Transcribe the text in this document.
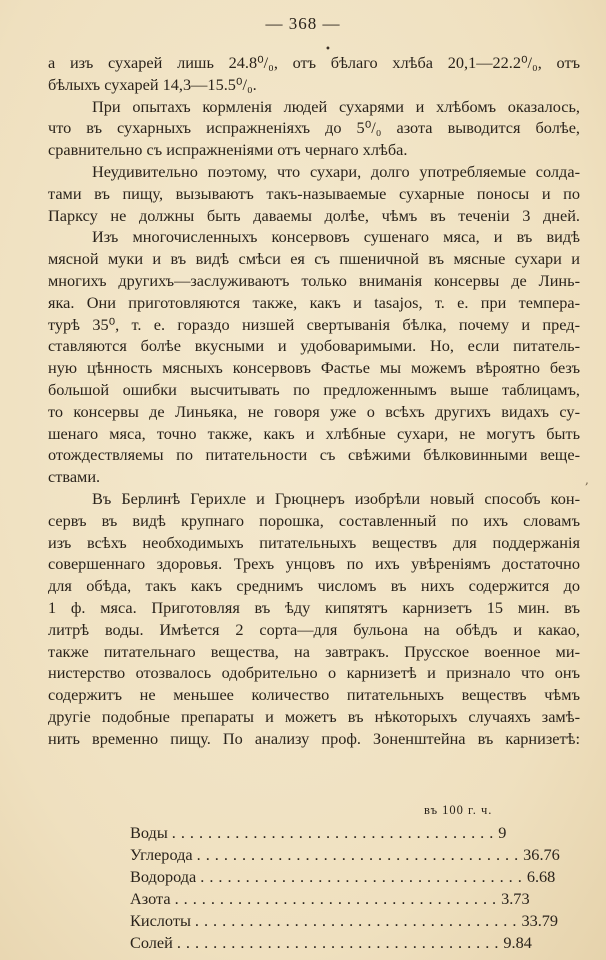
— 368 —
•
а изъ сухарей лишь 24.8⁰/₀, отъ бѣлаго хлѣба 20,1—22.2⁰/₀, отъ
бѣлыхъ сухарей 14,3—15.5⁰/₀.
При опытахъ кормленія людей сухарями и хлѣбомъ оказалось,
что въ сухарныхъ испражненіяхъ до 5⁰/₀ азота выводится болѣе,
сравнительно съ испражненіями отъ чернаго хлѣба.
Неудивительно поэтому, что сухари, долго употребляемые солда-
тами въ пищу, вызываютъ такъ-называемые сухарные поносы и по
Парксу не должны быть даваемы долѣе, чѣмъ въ теченіи 3 дней.
Изъ многочисленныхъ консервовъ сушенаго мяса, и въ видѣ
мясной муки и въ видѣ смѣси ея съ пшеничной въ мясные сухари и
многихъ другихъ—заслуживаютъ только вниманія консервы де Линь-
яка. Они приготовляются также, какъ и tasajos, т. е. при темпера-
турѣ 35⁰, т. е. гораздо низшей свертыванія бѣлка, почему и пред-
ставляются болѣе вкусными и удобоваримыми. Но, если питатель-
ную цѣнность мясныхъ консервовъ Фастье мы можемъ вѣроятно безъ
большой ошибки высчитывать по предложеннымъ выше таблицамъ,
то консервы де Линьяка, не говоря уже о всѣхъ другихъ видахъ су-
шенаго мяса, точно также, какъ и хлѣбные сухари, не могутъ быть
отождествляемы по питательности съ свѣжими бѣлковинными веще-
ствами.
Въ Берлинѣ Герихле и Грюцнеръ изобрѣли новый способъ кон-
сервъ въ видѣ крупнаго порошка, составленный по ихъ словамъ
изъ всѣхъ необходимыхъ питательныхъ веществъ для поддержанія
совершеннаго здоровья. Трехъ унцовъ по ихъ увѣреніямъ достаточно
для обѣда, такъ какъ среднимъ числомъ въ нихъ содержится до
1 ф. мяса. Приготовляя въ ѣду кипятятъ карнизетъ 15 мин. въ
литрѣ воды. Имѣется 2 сорта—для бульона на обѣдъ и какао,
также питательнаго вещества, на завтракъ. Прусское военное ми-
нистерство отозвалось одобрительно о карнизетѣ и признало что онъ
содержитъ не меньшее количество питательныхъ веществъ чѣмъ
другіе подобные препараты и можетъ въ нѣкоторыхъ случаяхъ замѣ-
нить временно пищу. По анализу проф. Зоненштейна въ карнизетѣ:
,
въ 100 г. ч.
Воды .................................... 9
Углерода .................................... 36.76
Водорода .................................... 6.68
Азота .................................... 3.73
Кислоты .................................... 33.79
Солей .................................... 9.84
